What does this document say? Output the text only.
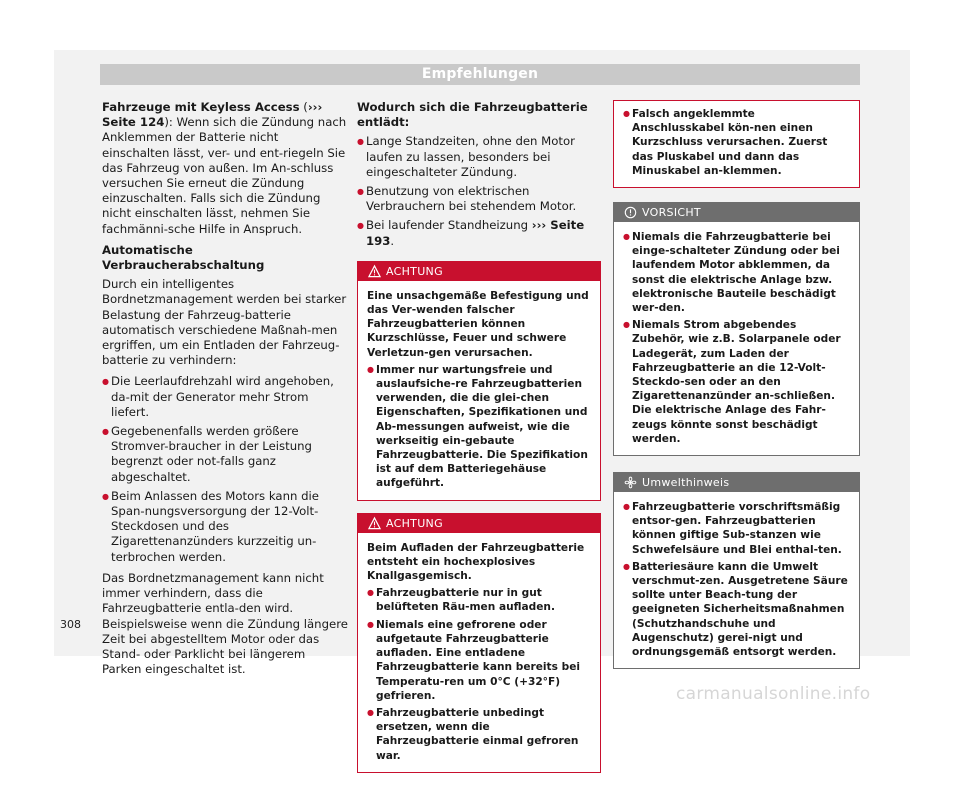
Empfehlungen

Fahrzeuge mit Keyless Access (››› Seite 124): Wenn sich die Zündung nach Anklemmen der Batterie nicht einschalten lässt, ver- und ent-riegeln Sie das Fahrzeug von außen. Im An-schluss versuchen Sie erneut die Zündung einzuschalten. Falls sich die Zündung nicht einschalten lässt, nehmen Sie fachmänni-sche Hilfe in Anspruch.

Automatische Verbraucherabschaltung

Durch ein intelligentes Bordnetzmanagement werden bei starker Belastung der Fahrzeug-batterie automatisch verschiedene Maßnah-men ergriffen, um ein Entladen der Fahrzeug-batterie zu verhindern:

● Die Leerlaufdrehzahl wird angehoben, da-mit der Generator mehr Strom liefert.
● Gegebenenfalls werden größere Stromver-braucher in der Leistung begrenzt oder not-falls ganz abgeschaltet.
● Beim Anlassen des Motors kann die Span-nungsversorgung der 12-Volt-Steckdosen und des Zigarettenanzünders kurzzeitig un-terbrochen werden.

Das Bordnetzmanagement kann nicht immer verhindern, dass die Fahrzeugbatterie entla-den wird. Beispielsweise wenn die Zündung längere Zeit bei abgestelltem Motor oder das Stand- oder Parklicht bei längerem Parken eingeschaltet ist.

Wodurch sich die Fahrzeugbatterie entlädt:

● Lange Standzeiten, ohne den Motor laufen zu lassen, besonders bei eingeschalteter Zündung.
● Benutzung von elektrischen Verbrauchern bei stehendem Motor.
● Bei laufender Standheizung ››› Seite 193.
ACHTUNG

Eine unsachgemäße Befestigung und das Ver-wenden falscher Fahrzeugbatterien können Kurzschlüsse, Feuer und schwere Verletzun-gen verursachen.

● Immer nur wartungsfreie und auslaufsiche-re Fahrzeugbatterien verwenden, die die glei-chen Eigenschaften, Spezifikationen und Ab-messungen aufweist, wie die werkseitig ein-gebaute Fahrzeugbatterie. Die Spezifikation ist auf dem Batteriegehäuse aufgeführt.
ACHTUNG

Beim Aufladen der Fahrzeugbatterie entsteht ein hochexplosives Knallgasgemisch.

● Fahrzeugbatterie nur in gut belüfteten Räu-men aufladen.
● Niemals eine gefrorene oder aufgetaute Fahrzeugbatterie aufladen. Eine entladene Fahrzeugbatterie kann bereits bei Temperatu-ren um 0°C (+32°F) gefrieren.
● Fahrzeugbatterie unbedingt ersetzen, wenn die Fahrzeugbatterie einmal gefroren war.
● Falsch angeklemmte Anschlusskabel kön-nen einen Kurzschluss verursachen. Zuerst das Pluskabel und dann das Minuskabel an-klemmen.
VORSICHT
● Niemals die Fahrzeugbatterie bei einge-schalteter Zündung oder bei laufendem Motor abklemmen, da sonst die elektrische Anlage bzw. elektronische Bauteile beschädigt wer-den.
● Niemals Strom abgebendes Zubehör, wie z.B. Solarpanele oder Ladegerät, zum Laden der Fahrzeugbatterie an die 12-Volt-Steckdo-sen oder an den Zigarettenanzünder an-schließen. Die elektrische Anlage des Fahr-zeugs könnte sonst beschädigt werden.
Umwelthinweis
● Fahrzeugbatterie vorschriftsmäßig entsor-gen. Fahrzeugbatterien können giftige Sub-stanzen wie Schwefelsäure und Blei enthal-ten.
● Batteriesäure kann die Umwelt verschmut-zen. Ausgetretene Säure sollte unter Beach-tung der geeigneten Sicherheitsmaßnahmen (Schutzhandschuhe und Augenschutz) gerei-nigt und ordnungsgemäß entsorgt werden.
308
carmanualsonline.info
